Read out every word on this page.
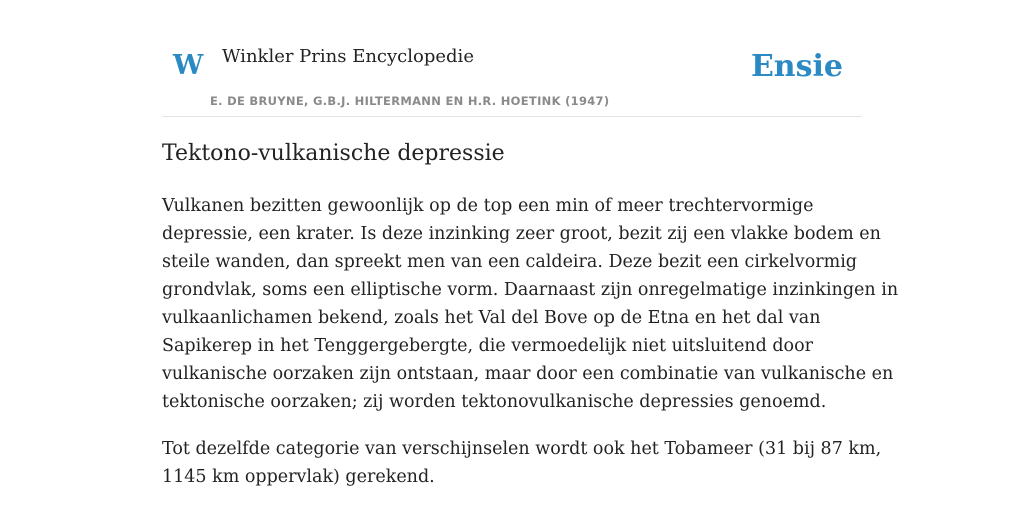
W Winkler Prins Encyclopedie
E. DE BRUYNE, G.B.J. HILTERMANN EN H.R. HOETINK (1947)
Ensie
Tektono-vulkanische depressie

Vulkanen bezitten gewoonlijk op de top een min of meer trechtervormige
depressie, een krater. Is deze inzinking zeer groot, bezit zij een vlakke bodem en
steile wanden, dan spreekt men van een caldeira. Deze bezit een cirkelvormig
grondvlak, soms een elliptische vorm. Daarnaast zijn onregelmatige inzinkingen in
vulkaanlichamen bekend, zoals het Val del Bove op de Etna en het dal van
Sapikerep in het Tenggergebergte, die vermoedelijk niet uitsluitend door
vulkanische oorzaken zijn ontstaan, maar door een combinatie van vulkanische en
tektonische oorzaken; zij worden tektonovulkanische depressies genoemd.

Tot dezelfde categorie van verschijnselen wordt ook het Tobameer (31 bij 87 km,
1145 km oppervlak) gerekend.
